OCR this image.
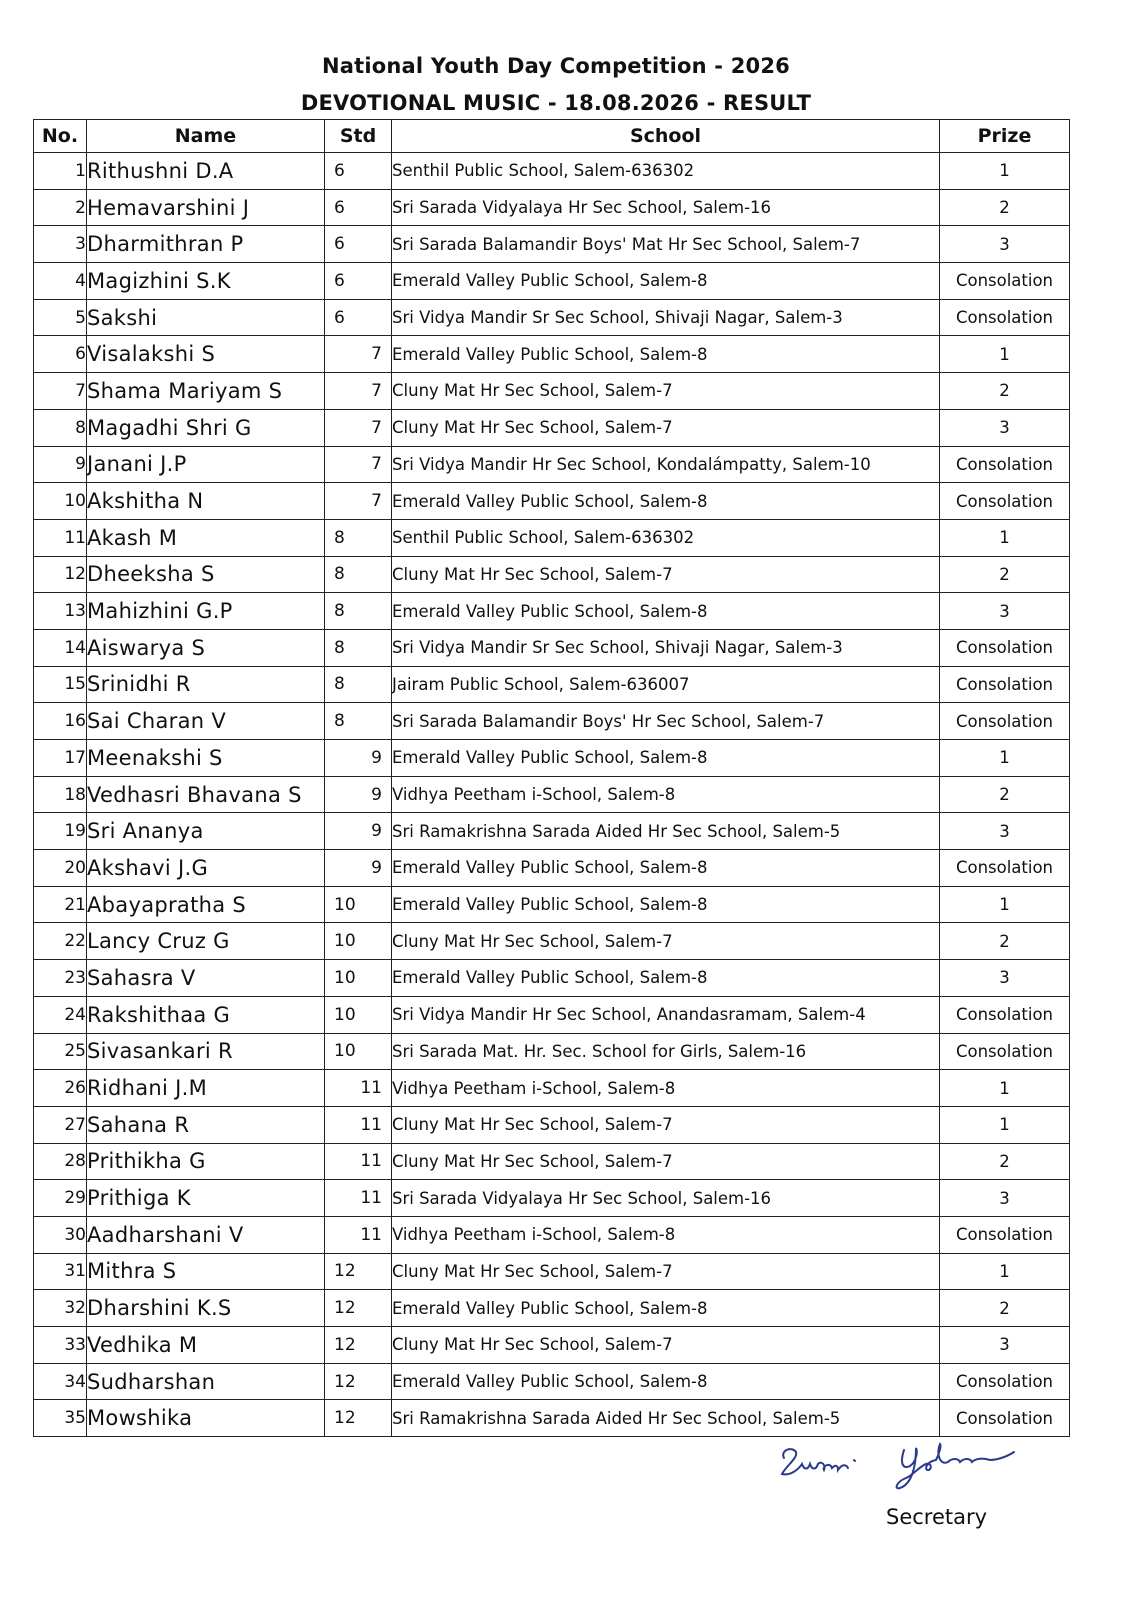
National Youth Day Competition - 2026
DEVOTIONAL MUSIC - 18.08.2026 - RESULT
No.	Name	Std	School	Prize
1	Rithushni D.A	6	Senthil Public School, Salem-636302	1
2	Hemavarshini J	6	Sri Sarada Vidyalaya Hr Sec School, Salem-16	2
3	Dharmithran P	6	Sri Sarada Balamandir Boys' Mat Hr Sec School, Salem-7	3
4	Magizhini S.K	6	Emerald Valley Public School, Salem-8	Consolation
5	Sakshi	6	Sri Vidya Mandir Sr Sec School, Shivaji Nagar, Salem-3	Consolation
6	Visalakshi S	7	Emerald Valley Public School, Salem-8	1
7	Shama Mariyam S	7	Cluny Mat Hr Sec School, Salem-7	2
8	Magadhi Shri G	7	Cluny Mat Hr Sec School, Salem-7	3
9	Janani J.P	7	Sri Vidya Mandir Hr Sec School, Kondalámpatty, Salem-10	Consolation
10	Akshitha N	7	Emerald Valley Public School, Salem-8	Consolation
11	Akash M	8	Senthil Public School, Salem-636302	1
12	Dheeksha S	8	Cluny Mat Hr Sec School, Salem-7	2
13	Mahizhini G.P	8	Emerald Valley Public School, Salem-8	3
14	Aiswarya S	8	Sri Vidya Mandir Sr Sec School, Shivaji Nagar, Salem-3	Consolation
15	Srinidhi R	8	Jairam Public School, Salem-636007	Consolation
16	Sai Charan V	8	Sri Sarada Balamandir Boys' Hr Sec School, Salem-7	Consolation
17	Meenakshi S	9	Emerald Valley Public School, Salem-8	1
18	Vedhasri Bhavana S	9	Vidhya Peetham i-School, Salem-8	2
19	Sri Ananya	9	Sri Ramakrishna Sarada Aided Hr Sec School, Salem-5	3
20	Akshavi J.G	9	Emerald Valley Public School, Salem-8	Consolation
21	Abayapratha S	10	Emerald Valley Public School, Salem-8	1
22	Lancy Cruz G	10	Cluny Mat Hr Sec School, Salem-7	2
23	Sahasra V	10	Emerald Valley Public School, Salem-8	3
24	Rakshithaa G	10	Sri Vidya Mandir Hr Sec School, Anandasramam, Salem-4	Consolation
25	Sivasankari R	10	Sri Sarada Mat. Hr. Sec. School for Girls, Salem-16	Consolation
26	Ridhani J.M	11	Vidhya Peetham i-School, Salem-8	1
27	Sahana R	11	Cluny Mat Hr Sec School, Salem-7	1
28	Prithikha G	11	Cluny Mat Hr Sec School, Salem-7	2
29	Prithiga K	11	Sri Sarada Vidyalaya Hr Sec School, Salem-16	3
30	Aadharshani V	11	Vidhya Peetham i-School, Salem-8	Consolation
31	Mithra S	12	Cluny Mat Hr Sec School, Salem-7	1
32	Dharshini K.S	12	Emerald Valley Public School, Salem-8	2
33	Vedhika M	12	Cluny Mat Hr Sec School, Salem-7	3
34	Sudharshan	12	Emerald Valley Public School, Salem-8	Consolation
35	Mowshika	12	Sri Ramakrishna Sarada Aided Hr Sec School, Salem-5	Consolation
Secretary
